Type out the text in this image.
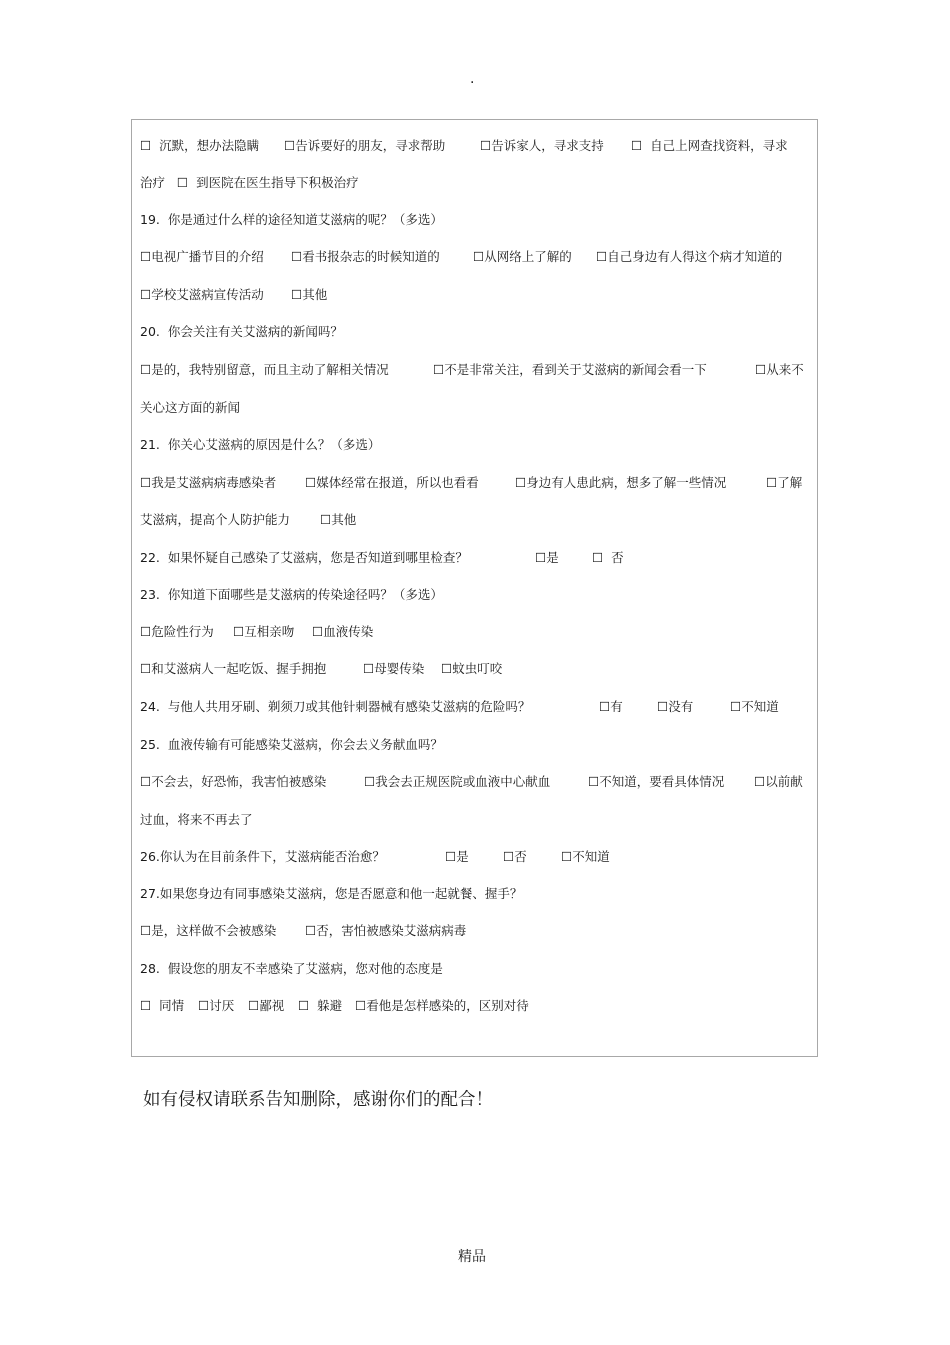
.
☐  沉默，想办法隐瞒 ☐告诉要好的朋友，寻求帮助	☐告诉家人，寻求支持 ☐  自己上网查找资料，寻求
治疗   ☐  到医院在医生指导下积极治疗
19.  你是通过什么样的途径知道艾滋病的呢？（多选）
☐电视广播节目的介绍 ☐看书报杂志的时候知道的	☐从网络上了解的 ☐自己身边有人得这个病才知道的
☐学校艾滋病宣传活动 ☐其他
20.  你会关注有关艾滋病的新闻吗？
☐是的，我特别留意，而且主动了解相关情况	☐不是非常关注，看到关于艾滋病的新闻会看一下	☐从来不
关心这方面的新闻
21.  你关心艾滋病的原因是什么？（多选）
☐我是艾滋病病毒感染者 ☐媒体经常在报道，所以也看看	☐身边有人患此病，想多了解一些情况	☐了解
艾滋病，提高个人防护能力 ☐其他
22.  如果怀疑自己感染了艾滋病，您是否知道到哪里检查？	☐是	☐  否
23.  你知道下面哪些是艾滋病的传染途径吗？（多选）
☐危险性行为 ☐互相亲吻 ☐血液传染
☐和艾滋病人一起吃饭、握手拥抱	☐母婴传染 ☐蚊虫叮咬
24.  与他人共用牙刷、剃须刀或其他针刺器械有感染艾滋病的危险吗？	☐有	☐没有	☐不知道
25.  血液传输有可能感染艾滋病，你会去义务献血吗？
☐不会去，好恐怖，我害怕被感染	☐我会去正规医院或血液中心献血	☐不知道，要看具体情况 ☐以前献
过血，将来不再去了
26.你认为在目前条件下，艾滋病能否治愈？	☐是	☐否	☐不知道
27.如果您身边有同事感染艾滋病，您是否愿意和他一起就餐、握手？
☐是，这样做不会被感染 ☐否，害怕被感染艾滋病病毒
28.  假设您的朋友不幸感染了艾滋病，您对他的态度是
☐  同情 ☐讨厌 ☐鄙视 ☐  躲避 ☐看他是怎样感染的，区别对待
如有侵权请联系告知删除，感谢你们的配合！
精品
